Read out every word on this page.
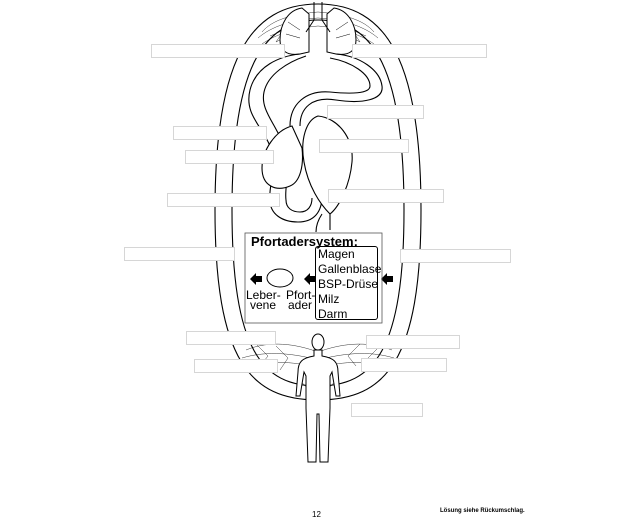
Pfortadersystem:
Magen
Gallenblase
BSP-Drüse
Milz
Darm
Leber-
vene
Pfort-
ader
12	Lösung siehe Rückumschlag.
